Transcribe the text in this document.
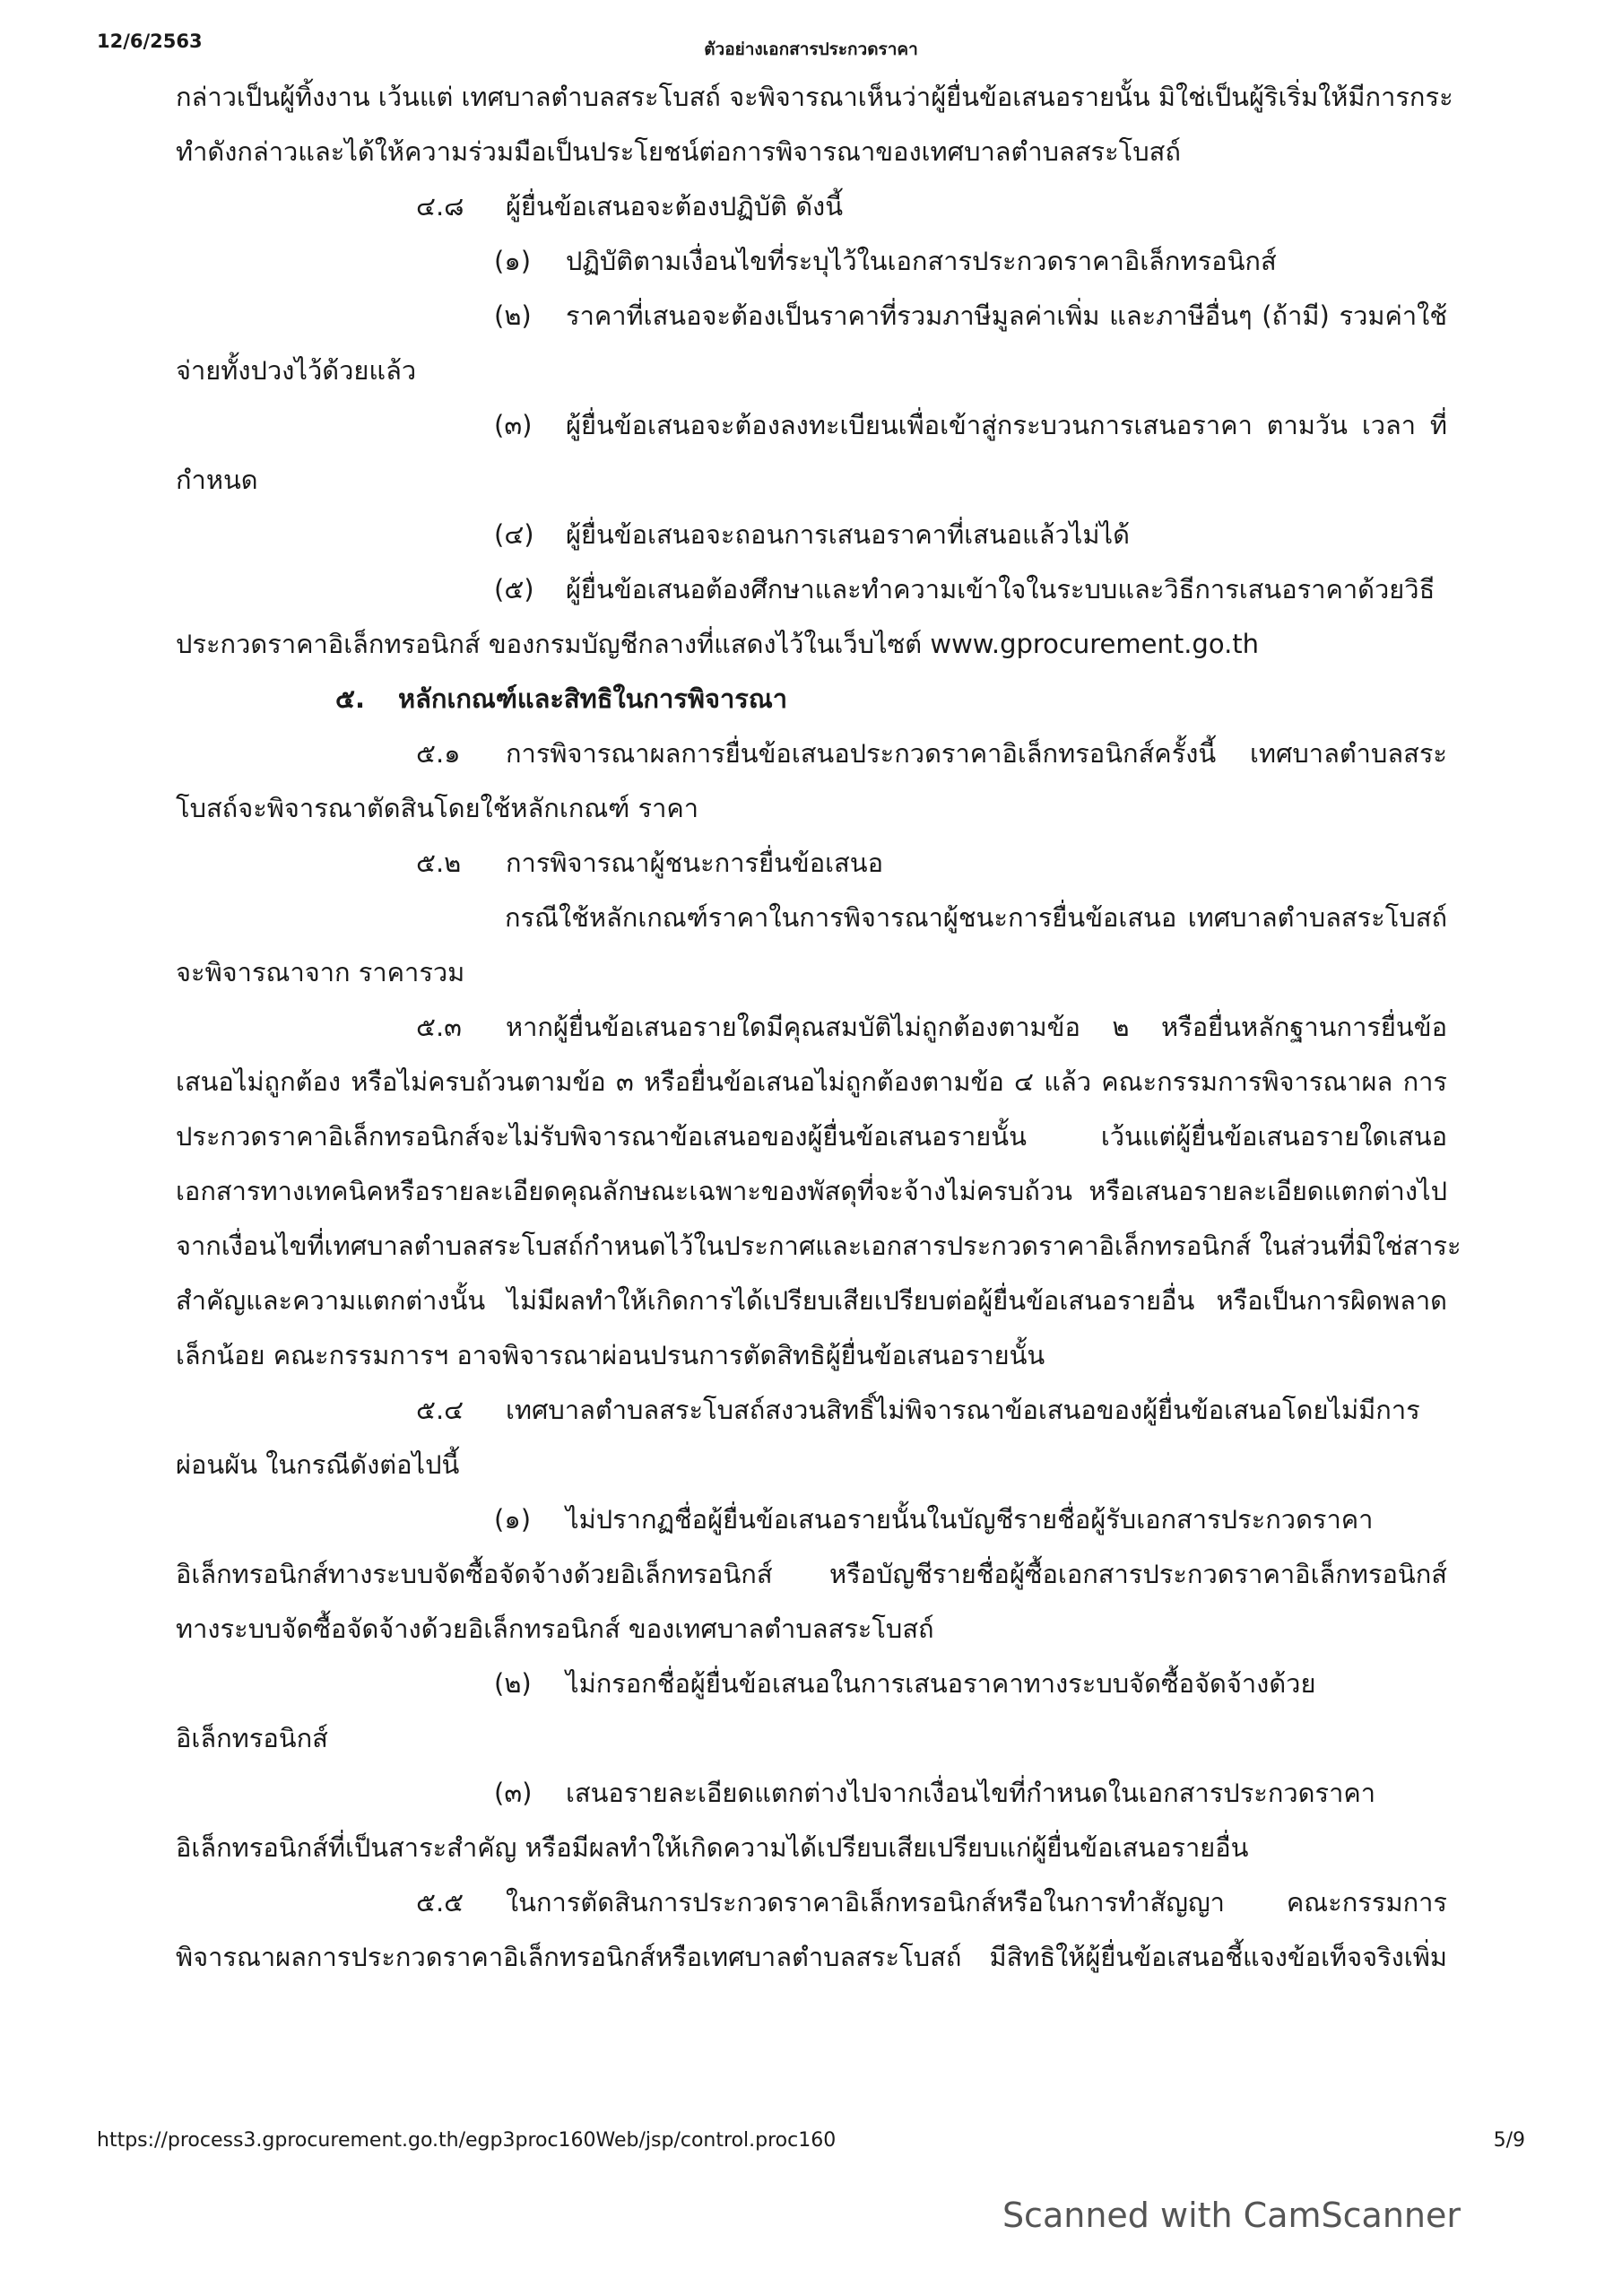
12/6/2563	ตัวอย่างเอกสารประกวดราคา
กล่าวเป็นผู้ทิ้งงาน เว้นแต่ เทศบาลตำบลสระโบสถ์ จะพิจารณาเห็นว่าผู้ยื่นข้อเสนอรายนั้น มิใช่เป็นผู้ริเริ่มให้มีการกระ
ทำดังกล่าวและได้ให้ความร่วมมือเป็นประโยชน์ต่อการพิจารณาของเทศบาลตำบลสระโบสถ์
๔.๘	ผู้ยื่นข้อเสนอจะต้องปฏิบัติ ดังนี้
(๑)	ปฏิบัติตามเงื่อนไขที่ระบุไว้ในเอกสารประกวดราคาอิเล็กทรอนิกส์
(๒)	ราคาที่เสนอจะต้องเป็นราคาที่รวมภาษีมูลค่าเพิ่ม และภาษีอื่นๆ (ถ้ามี) รวมค่าใช้
จ่ายทั้งปวงไว้ด้วยแล้ว
(๓)	ผู้ยื่นข้อเสนอจะต้องลงทะเบียนเพื่อเข้าสู่กระบวนการเสนอราคา ตามวัน เวลา ที่
กำหนด
(๔)	ผู้ยื่นข้อเสนอจะถอนการเสนอราคาที่เสนอแล้วไม่ได้
(๕)	ผู้ยื่นข้อเสนอต้องศึกษาและทำความเข้าใจในระบบและวิธีการเสนอราคาด้วยวิธี
ประกวดราคาอิเล็กทรอนิกส์ ของกรมบัญชีกลางที่แสดงไว้ในเว็บไซต์ www.gprocurement.go.th
๕.	หลักเกณฑ์และสิทธิในการพิจารณา
๕.๑	การพิจารณาผลการยื่นข้อเสนอประกวดราคาอิเล็กทรอนิกส์ครั้งนี้ เทศบาลตำบลสระ
โบสถ์จะพิจารณาตัดสินโดยใช้หลักเกณฑ์ ราคา
๕.๒	การพิจารณาผู้ชนะการยื่นข้อเสนอ
กรณีใช้หลักเกณฑ์ราคาในการพิจารณาผู้ชนะการยื่นข้อเสนอ เทศบาลตำบลสระโบสถ์
จะพิจารณาจาก ราคารวม
๕.๓	หากผู้ยื่นข้อเสนอรายใดมีคุณสมบัติไม่ถูกต้องตามข้อ ๒ หรือยื่นหลักฐานการยื่นข้อ
เสนอไม่ถูกต้อง หรือไม่ครบถ้วนตามข้อ ๓ หรือยื่นข้อเสนอไม่ถูกต้องตามข้อ ๔ แล้ว คณะกรรมการพิจารณาผล การ
ประกวดราคาอิเล็กทรอนิกส์จะไม่รับพิจารณาข้อเสนอของผู้ยื่นข้อเสนอรายนั้น เว้นแต่ผู้ยื่นข้อเสนอรายใดเสนอ
เอกสารทางเทคนิคหรือรายละเอียดคุณลักษณะเฉพาะของพัสดุที่จะจ้างไม่ครบถ้วน หรือเสนอรายละเอียดแตกต่างไป
จากเงื่อนไขที่เทศบาลตำบลสระโบสถ์กำหนดไว้ในประกาศและเอกสารประกวดราคาอิเล็กทรอนิกส์ ในส่วนที่มิใช่สาระ
สำคัญและความแตกต่างนั้น ไม่มีผลทำให้เกิดการได้เปรียบเสียเปรียบต่อผู้ยื่นข้อเสนอรายอื่น หรือเป็นการผิดพลาด
เล็กน้อย คณะกรรมการฯ อาจพิจารณาผ่อนปรนการตัดสิทธิผู้ยื่นข้อเสนอรายนั้น
๕.๔	เทศบาลตำบลสระโบสถ์สงวนสิทธิ์ไม่พิจารณาข้อเสนอของผู้ยื่นข้อเสนอโดยไม่มีการ
ผ่อนผัน ในกรณีดังต่อไปนี้
(๑)	ไม่ปรากฏชื่อผู้ยื่นข้อเสนอรายนั้นในบัญชีรายชื่อผู้รับเอกสารประกวดราคา
อิเล็กทรอนิกส์ทางระบบจัดซื้อจัดจ้างด้วยอิเล็กทรอนิกส์ หรือบัญชีรายชื่อผู้ซื้อเอกสารประกวดราคาอิเล็กทรอนิกส์
ทางระบบจัดซื้อจัดจ้างด้วยอิเล็กทรอนิกส์ ของเทศบาลตำบลสระโบสถ์
(๒)	ไม่กรอกชื่อผู้ยื่นข้อเสนอในการเสนอราคาทางระบบจัดซื้อจัดจ้างด้วย
อิเล็กทรอนิกส์
(๓)	เสนอรายละเอียดแตกต่างไปจากเงื่อนไขที่กำหนดในเอกสารประกวดราคา
อิเล็กทรอนิกส์ที่เป็นสาระสำคัญ หรือมีผลทำให้เกิดความได้เปรียบเสียเปรียบแก่ผู้ยื่นข้อเสนอรายอื่น
๕.๕	ในการตัดสินการประกวดราคาอิเล็กทรอนิกส์หรือในการทำสัญญา คณะกรรมการ
พิจารณาผลการประกวดราคาอิเล็กทรอนิกส์หรือเทศบาลตำบลสระโบสถ์ มีสิทธิให้ผู้ยื่นข้อเสนอชี้แจงข้อเท็จจริงเพิ่ม
https://process3.gprocurement.go.th/egp3proc160Web/jsp/control.proc160	5/9
Scanned with CamScanner
